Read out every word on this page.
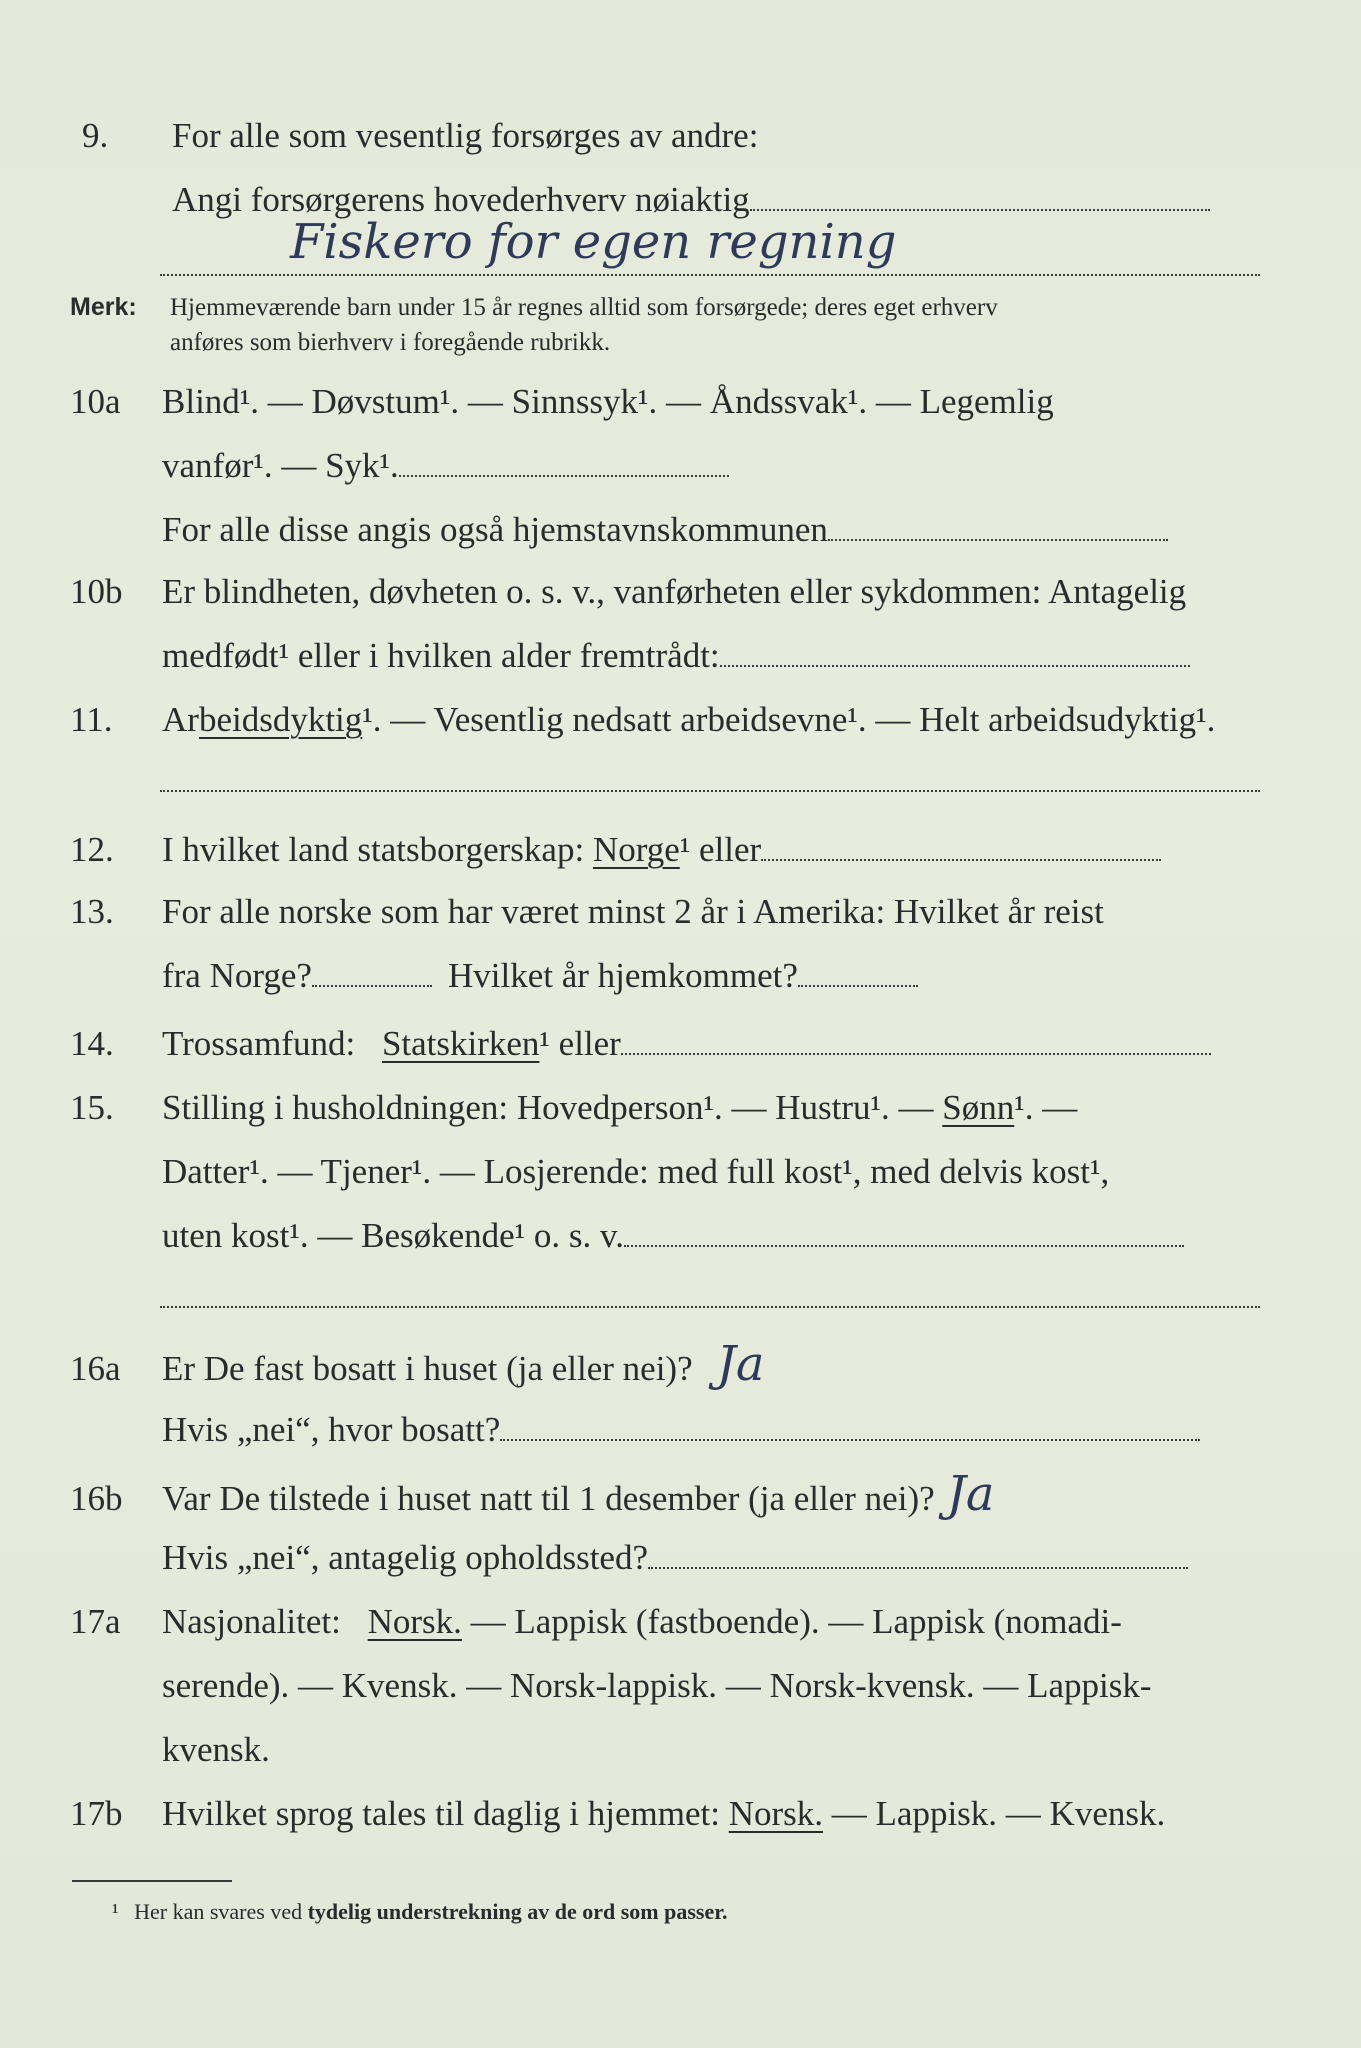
9. For alle som vesentlig forsørges av andre:
Angi forsørgerens hovederhverv nøiaktig
Fiskero for egen regning
Merk: Hjemmeværende barn under 15 år regnes alltid som forsørgede; deres eget erhverv
anføres som bierhverv i foregående rubrikk.
10a Blind¹. — Døvstum¹. — Sinnssyk¹. — Åndssvak¹. — Legemlig
vanfør¹. — Syk¹.
For alle disse angis også hjemstavnskommunen
10b Er blindheten, døvheten o. s. v., vanførheten eller sykdommen: Antagelig
medfødt¹ eller i hvilken alder fremtrådt:
11. Arbeidsdyktig¹. — Vesentlig nedsatt arbeidsevne¹. — Helt arbeidsudyktig¹.
12. I hvilket land statsborgerskap: Norge¹ eller
13. For alle norske som har været minst 2 år i Amerika: Hvilket år reist
fra Norge?	Hvilket år hjemkommet?
14. Trossamfund: Statskirken¹ eller
15. Stilling i husholdningen: Hovedperson¹. — Hustru¹. — Sønn¹. —
Datter¹. — Tjener¹. — Losjerende: med full kost¹, med delvis kost¹,
uten kost¹. — Besøkende¹ o. s. v.
16a Er De fast bosatt i huset (ja eller nei)? Ja
Hvis „nei“, hvor bosatt?
16b Var De tilstede i huset natt til 1 desember (ja eller nei)? Ja
Hvis „nei“, antagelig opholdssted?
17a Nasjonalitet: Norsk. — Lappisk (fastboende). — Lappisk (nomadi-
serende). — Kvensk. — Norsk-lappisk. — Norsk-kvensk. — Lappisk-
kvensk.
17b Hvilket sprog tales til daglig i hjemmet: Norsk. — Lappisk. — Kvensk.
¹ Her kan svares ved tydelig understrekning av de ord som passer.
